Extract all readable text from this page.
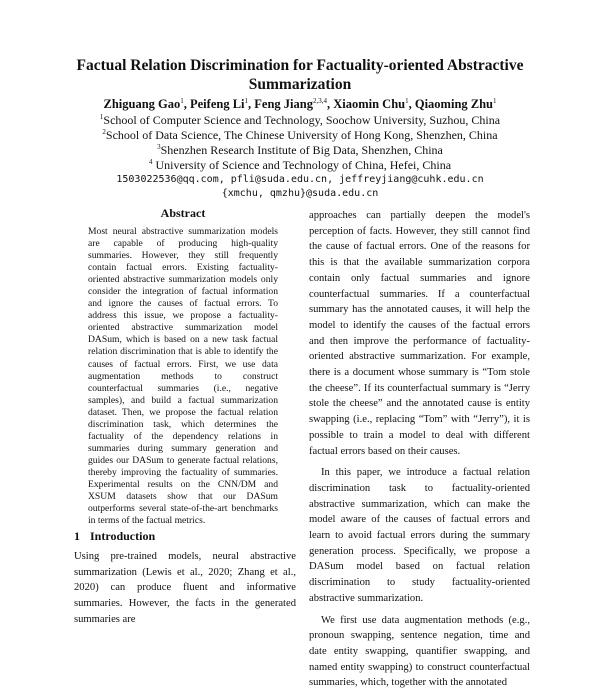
Factual Relation Discrimination for Factuality-oriented Abstractive
Summarization
Zhiguang Gao$^1$, Peifeng Li$^1$, Feng Jiang$^{2,3,4}$, Xiaomin Chu$^1$, Qiaoming Zhu$^1$
$^1$School of Computer Science and Technology, Soochow University, Suzhou, China
$^2$School of Data Science, The Chinese University of Hong Kong, Shenzhen, China
$^3$Shenzhen Research Institute of Big Data, Shenzhen, China
$^4$ University of Science and Technology of China, Hefei, China
1503022536@qq.com, pfli@suda.edu.cn, jeffreyjiang@cuhk.edu.cn
{xmchu, qmzhu}@suda.edu.cn
Abstract
Most neural abstractive summarization models are capable of producing high-quality summaries. However, they still frequently contain factual errors. Existing factuality-oriented abstractive summarization models only consider the integration of factual information and ignore the causes of factual errors. To address this issue, we propose a factuality-oriented abstractive summarization model DASum, which is based on a new task factual relation discrimination that is able to identify the causes of factual errors. First, we use data augmentation methods to construct counterfactual summaries (i.e., negative samples), and build a factual summarization dataset. Then, we propose the factual relation discrimination task, which determines the factuality of the dependency relations in summaries during summary generation and guides our DASum to generate factual relations, thereby improving the factuality of summaries. Experimental results on the CNN/DM and XSUM datasets show that our DASum outperforms several state-of-the-art benchmarks in terms of the factual metrics.
1 Introduction
Using pre-trained models, neural abstractive summarization (Lewis et al., 2020; Zhang et al., 2020) can produce fluent and informative summaries. However, the facts in the generated summaries are

approaches can partially deepen the model's perception of facts. However, they still cannot find the cause of factual errors. One of the reasons for this is that the available summarization corpora contain only factual summaries and ignore counterfactual summaries. If a counterfactual summary has the annotated causes, it will help the model to identify the causes of the factual errors and then improve the performance of factuality-oriented abstractive summarization. For example, there is a document whose summary is “Tom stole the cheese”. If its counterfactual summary is “Jerry stole the cheese” and the annotated cause is entity swapping (i.e., replacing “Tom” with “Jerry”), it is possible to train a model to deal with different factual errors based on their causes.

In this paper, we introduce a factual relation discrimination task to factuality-oriented abstractive summarization, which can make the model aware of the causes of factual errors and learn to avoid factual errors during the summary generation process. Specifically, we propose a DASum model based on factual relation discrimination to study factuality-oriented abstractive summarization.

We first use data augmentation methods (e.g., pronoun swapping, sentence negation, time and date entity swapping, quantifier swapping, and named entity swapping) to construct counterfactual summaries, which, together with the annotated
